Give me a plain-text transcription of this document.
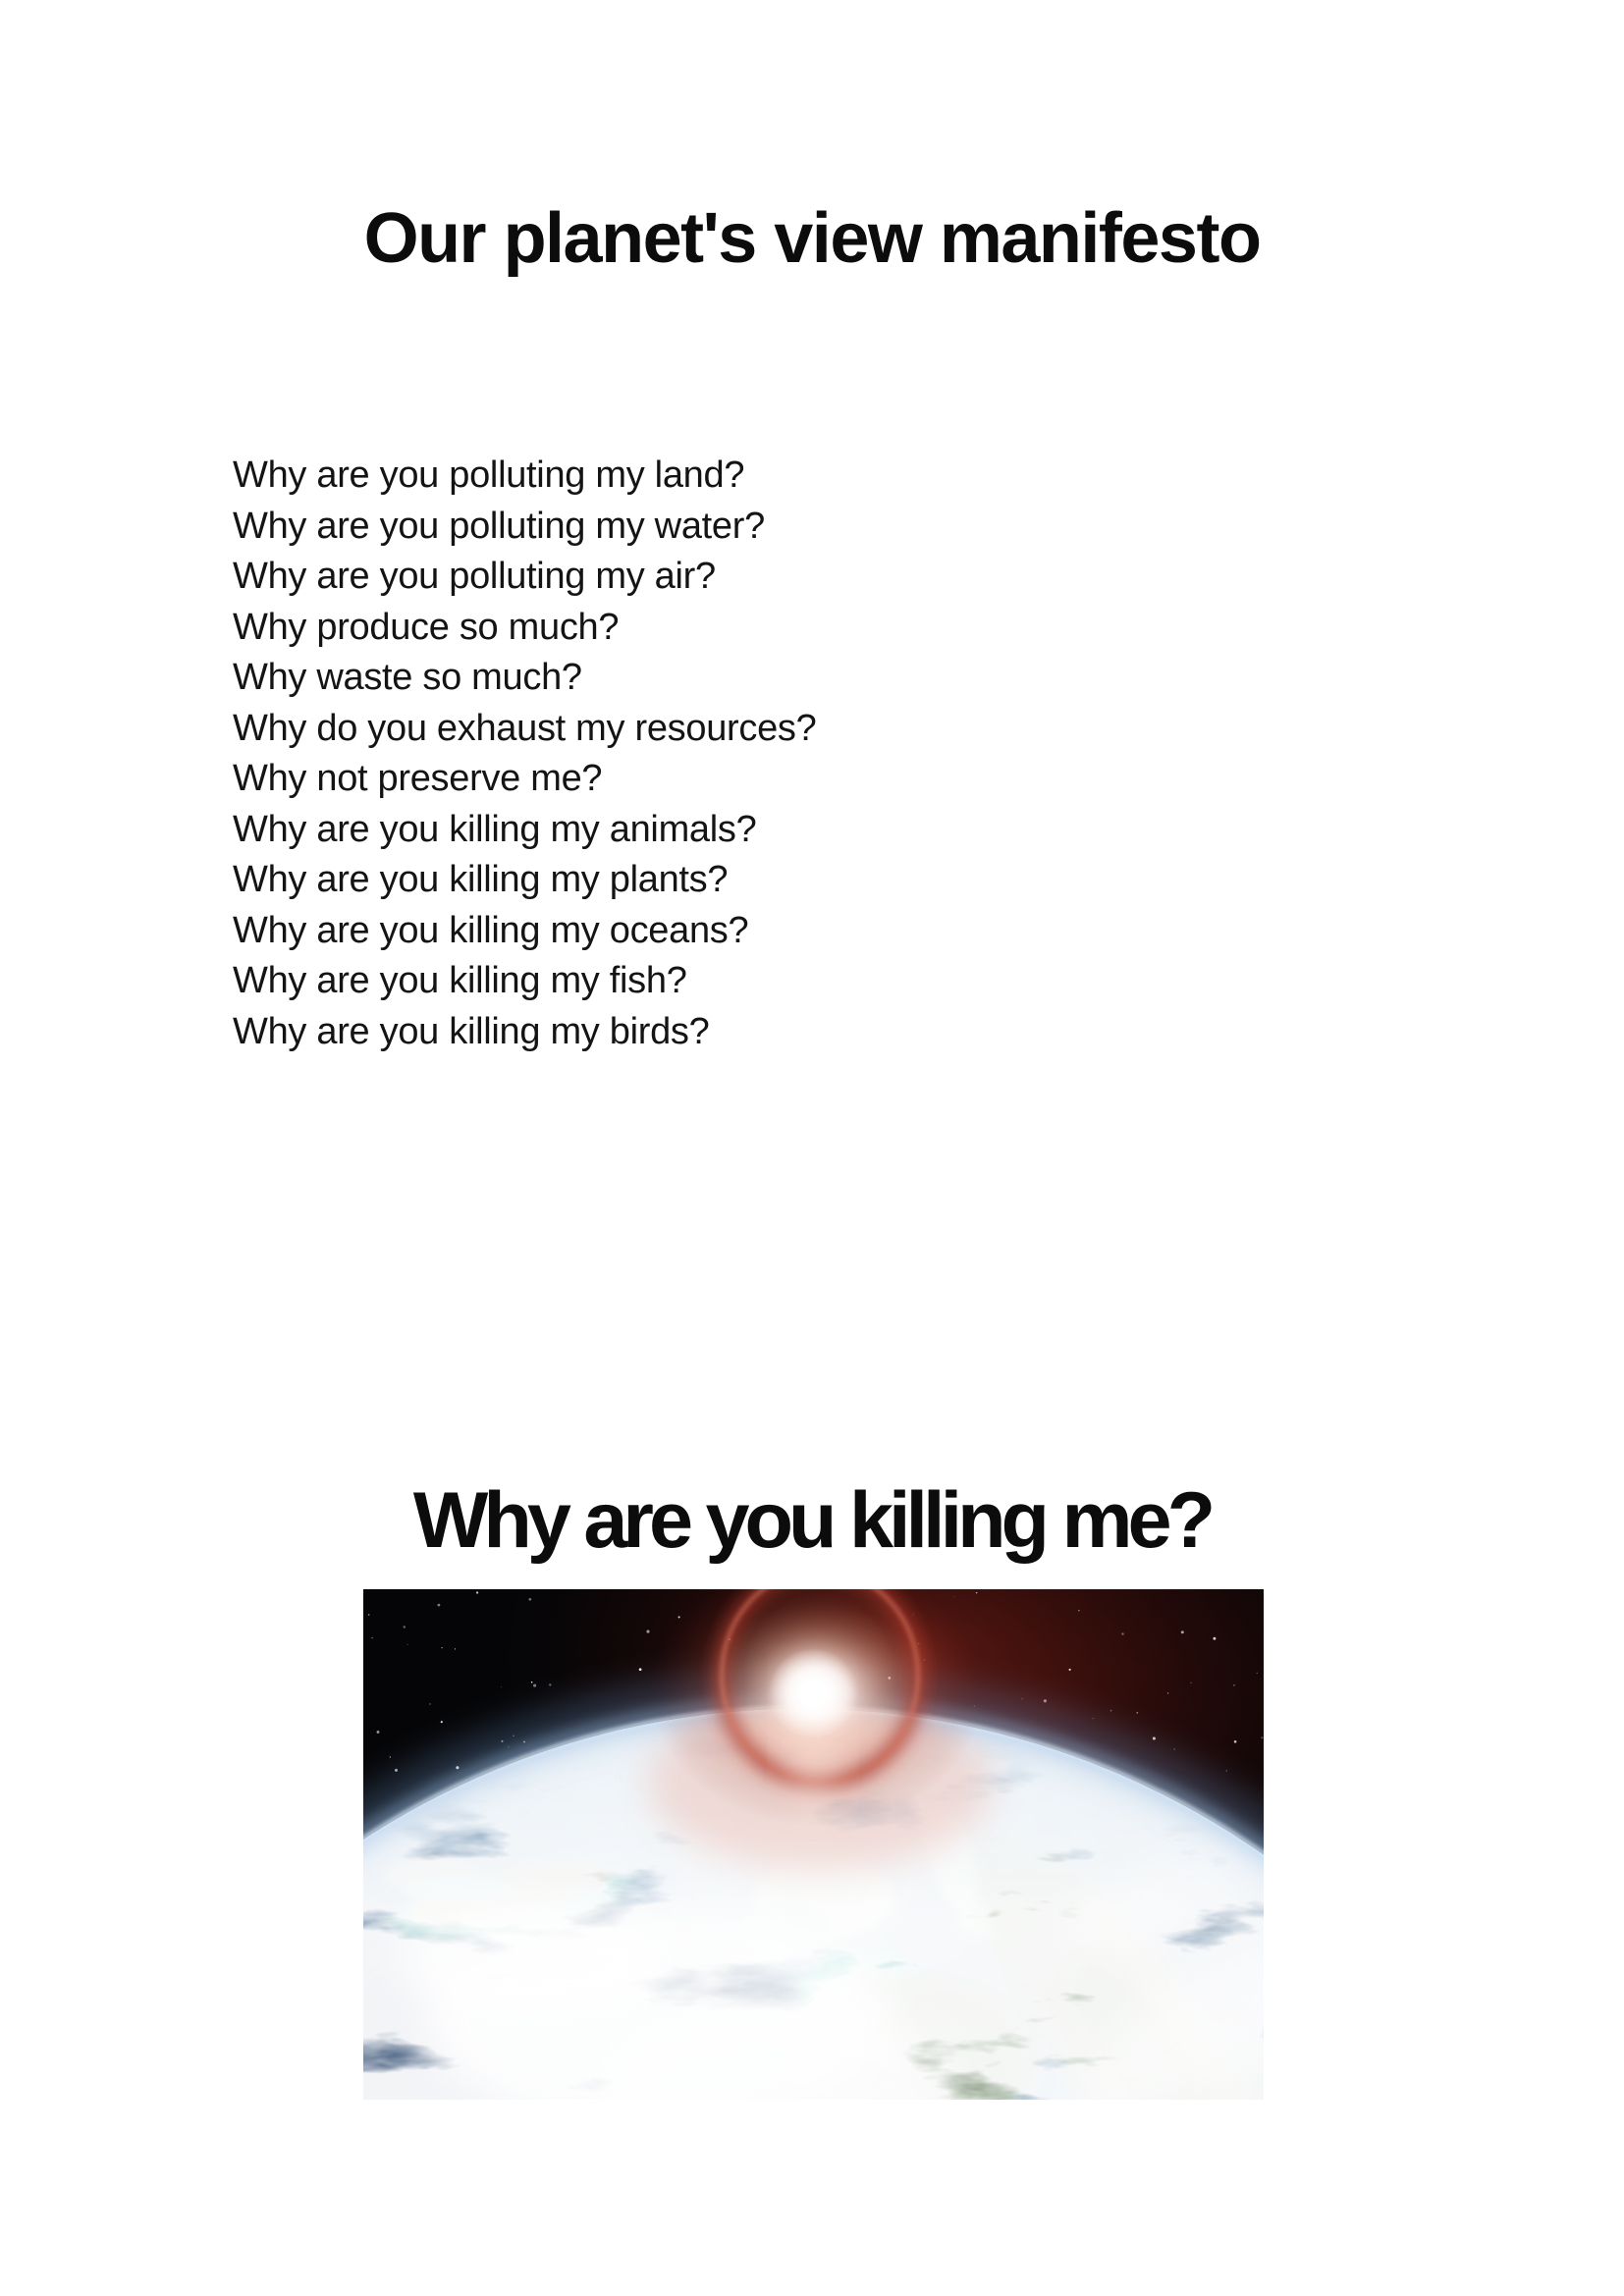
Our planet's view manifesto
Why are you polluting my land?
Why are you polluting my water?
Why are you polluting my air?
Why produce so much?
Why waste so much?
Why do you exhaust my resources?
Why not preserve me?
Why are you killing my animals?
Why are you killing my plants?
Why are you killing my oceans?
Why are you killing my fish?
Why are you killing my birds?
Why are you killing me?
